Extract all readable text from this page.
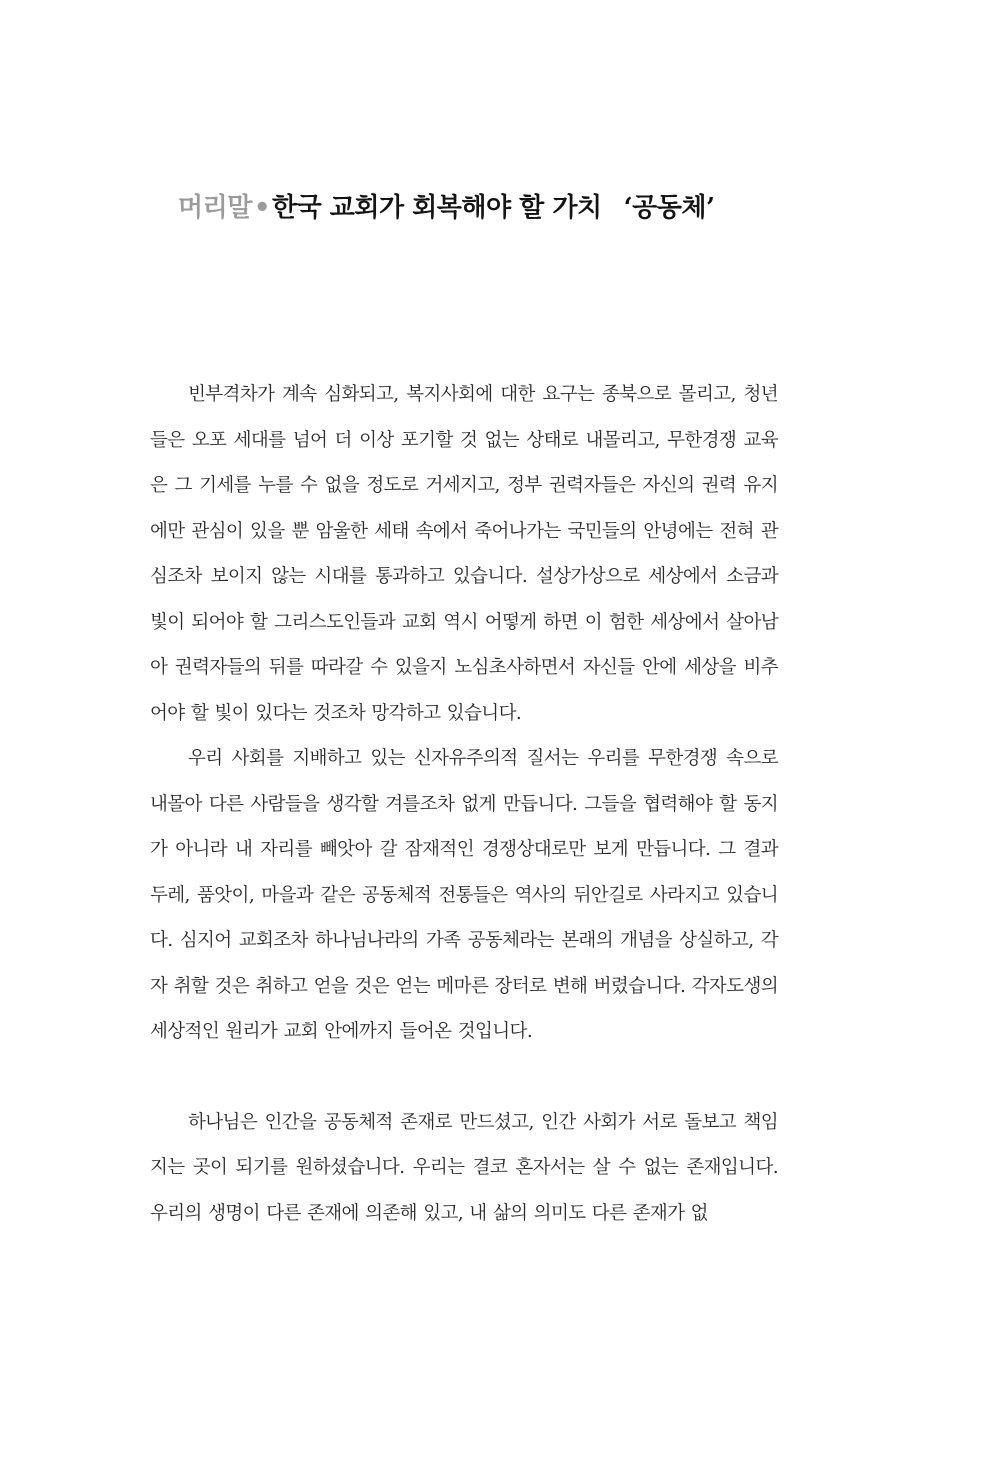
머리말•한국 교회가 회복해야 할 가치 ‘공동체’

빈부격차가 계속 심화되고, 복지사회에 대한 요구는 종북으로 몰리고, 청년들은 오포 세대를 넘어 더 이상 포기할 것 없는 상태로 내몰리고, 무한경쟁 교육은 그 기세를 누를 수 없을 정도로 거세지고, 정부 권력자들은 자신의 권력 유지에만 관심이 있을 뿐 암울한 세태 속에서 죽어나가는 국민들의 안녕에는 전혀 관심조차 보이지 않는 시대를 통과하고 있습니다. 설상가상으로 세상에서 소금과 빛이 되어야 할 그리스도인들과 교회 역시 어떻게 하면 이 험한 세상에서 살아남아 권력자들의 뒤를 따라갈 수 있을지 노심초사하면서 자신들 안에 세상을 비추어야 할 빛이 있다는 것조차 망각하고 있습니다.

우리 사회를 지배하고 있는 신자유주의적 질서는 우리를 무한경쟁 속으로 내몰아 다른 사람들을 생각할 겨를조차 없게 만듭니다. 그들을 협력해야 할 동지가 아니라 내 자리를 빼앗아 갈 잠재적인 경쟁상대로만 보게 만듭니다. 그 결과 두레, 품앗이, 마을과 같은 공동체적 전통들은 역사의 뒤안길로 사라지고 있습니다. 심지어 교회조차 하나님나라의 가족 공동체라는 본래의 개념을 상실하고, 각자 취할 것은 취하고 얻을 것은 얻는 메마른 장터로 변해 버렸습니다. 각자도생의 세상적인 원리가 교회 안에까지 들어온 것입니다.

하나님은 인간을 공동체적 존재로 만드셨고, 인간 사회가 서로 돌보고 책임지는 곳이 되기를 원하셨습니다. 우리는 결코 혼자서는 살 수 없는 존재입니다. 우리의 생명이 다른 존재에 의존해 있고, 내 삶의 의미도 다른 존재가 없
